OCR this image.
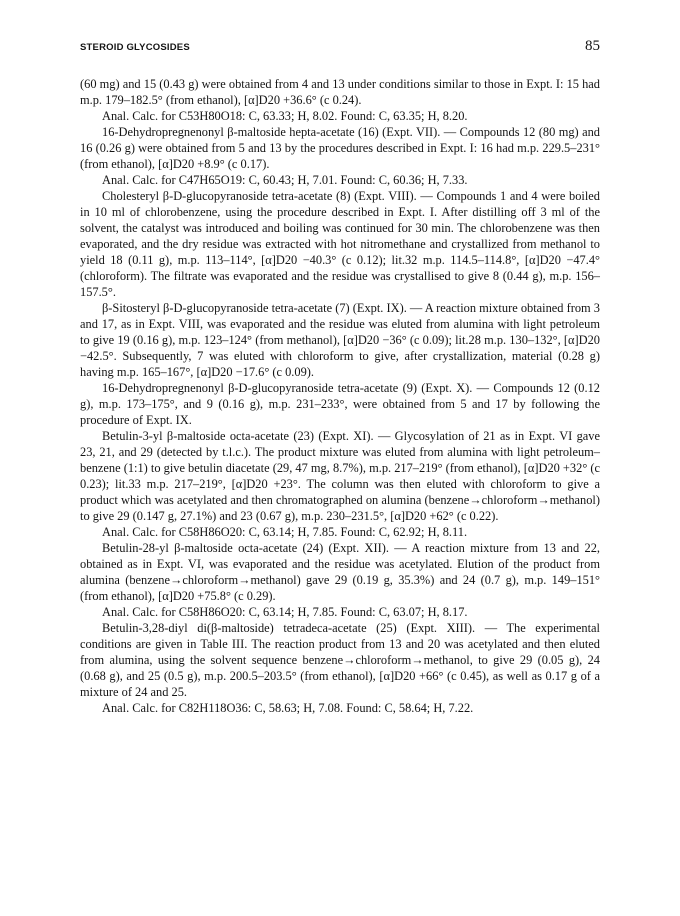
STEROID GLYCOSIDES	85

(60 mg) and 15 (0.43 g) were obtained from 4 and 13 under conditions similar to those in Expt. I: 15 had m.p. 179–182.5° (from ethanol), [α]D20 +36.6° (c 0.24).

Anal. Calc. for C53H80O18: C, 63.33; H, 8.02. Found: C, 63.35; H, 8.20.

16-Dehydropregnenonyl β-maltoside hepta-acetate (16) (Expt. VII). — Compounds 12 (80 mg) and 16 (0.26 g) were obtained from 5 and 13 by the procedures described in Expt. I: 16 had m.p. 229.5–231° (from ethanol), [α]D20 +8.9° (c 0.17).

Anal. Calc. for C47H65O19: C, 60.43; H, 7.01. Found: C, 60.36; H, 7.33.

Cholesteryl β-D-glucopyranoside tetra-acetate (8) (Expt. VIII). — Compounds 1 and 4 were boiled in 10 ml of chlorobenzene, using the procedure described in Expt. I. After distilling off 3 ml of the solvent, the catalyst was introduced and boiling was continued for 30 min. The chlorobenzene was then evaporated, and the dry residue was extracted with hot nitromethane and crystallized from methanol to yield 18 (0.11 g), m.p. 113–114°, [α]D20 −40.3° (c 0.12); lit.32 m.p. 114.5–114.8°, [α]D20 −47.4° (chloroform). The filtrate was evaporated and the residue was crystallised to give 8 (0.44 g), m.p. 156–157.5°.

β-Sitosteryl β-D-glucopyranoside tetra-acetate (7) (Expt. IX). — A reaction mixture obtained from 3 and 17, as in Expt. VIII, was evaporated and the residue was eluted from alumina with light petroleum to give 19 (0.16 g), m.p. 123–124° (from methanol), [α]D20 −36° (c 0.09); lit.28 m.p. 130–132°, [α]D20 −42.5°. Subsequently, 7 was eluted with chloroform to give, after crystallization, material (0.28 g) having m.p. 165–167°, [α]D20 −17.6° (c 0.09).

16-Dehydropregnenonyl β-D-glucopyranoside tetra-acetate (9) (Expt. X). — Compounds 12 (0.12 g), m.p. 173–175°, and 9 (0.16 g), m.p. 231–233°, were obtained from 5 and 17 by following the procedure of Expt. IX.

Betulin-3-yl β-maltoside octa-acetate (23) (Expt. XI). — Glycosylation of 21 as in Expt. VI gave 23, 21, and 29 (detected by t.l.c.). The product mixture was eluted from alumina with light petroleum–benzene (1:1) to give betulin diacetate (29, 47 mg, 8.7%), m.p. 217–219° (from ethanol), [α]D20 +32° (c 0.23); lit.33 m.p. 217–219°, [α]D20 +23°. The column was then eluted with chloroform to give a product which was acetylated and then chromatographed on alumina (benzene→chloroform→methanol) to give 29 (0.147 g, 27.1%) and 23 (0.67 g), m.p. 230–231.5°, [α]D20 +62° (c 0.22).

Anal. Calc. for C58H86O20: C, 63.14; H, 7.85. Found: C, 62.92; H, 8.11.

Betulin-28-yl β-maltoside octa-acetate (24) (Expt. XII). — A reaction mixture from 13 and 22, obtained as in Expt. VI, was evaporated and the residue was acetylated. Elution of the product from alumina (benzene→chloroform→methanol) gave 29 (0.19 g, 35.3%) and 24 (0.7 g), m.p. 149–151° (from ethanol), [α]D20 +75.8° (c 0.29).

Anal. Calc. for C58H86O20: C, 63.14; H, 7.85. Found: C, 63.07; H, 8.17.

Betulin-3,28-diyl di(β-maltoside) tetradeca-acetate (25) (Expt. XIII). — The experimental conditions are given in Table III. The reaction product from 13 and 20 was acetylated and then eluted from alumina, using the solvent sequence benzene→chloroform→methanol, to give 29 (0.05 g), 24 (0.68 g), and 25 (0.5 g), m.p. 200.5–203.5° (from ethanol), [α]D20 +66° (c 0.45), as well as 0.17 g of a mixture of 24 and 25.

Anal. Calc. for C82H118O36: C, 58.63; H, 7.08. Found: C, 58.64; H, 7.22.
